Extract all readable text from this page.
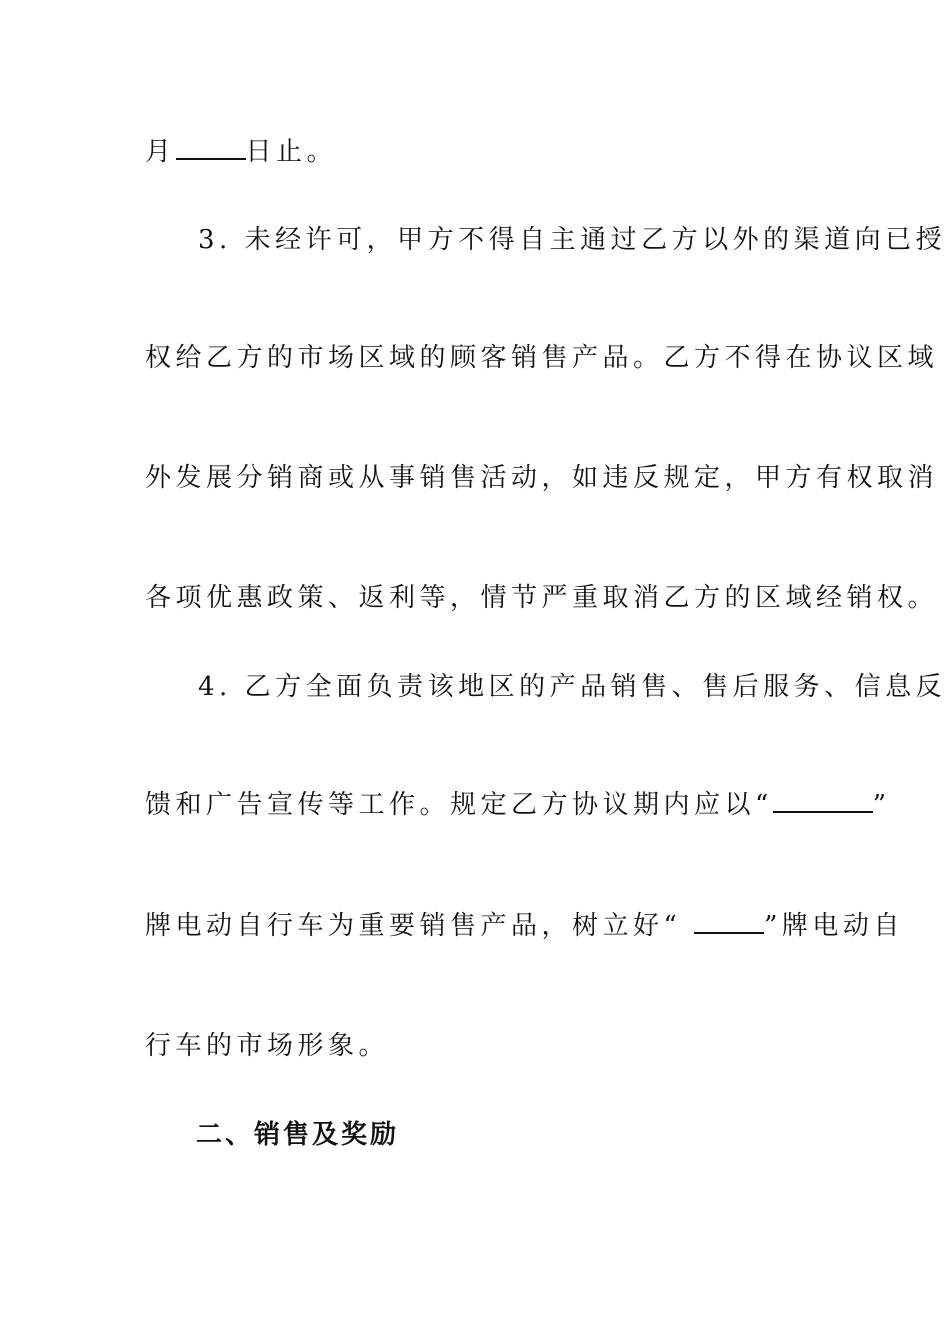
月	日止。
3. 未经许可，甲方不得自主通过乙方以外的渠道向已授
权给乙方的市场区域的顾客销售产品。乙方不得在协议区域
外发展分销商或从事销售活动，如违反规定，甲方有权取消
各项优惠政策、返利等，情节严重取消乙方的区域经销权。
4. 乙方全面负责该地区的产品销售、售后服务、信息反
馈和广告宣传等工作。规定乙方协议期内应以“	”
牌电动自行车为重要销售产品，树立好“	”牌电动自
行车的市场形象。
二、销售及奖励
